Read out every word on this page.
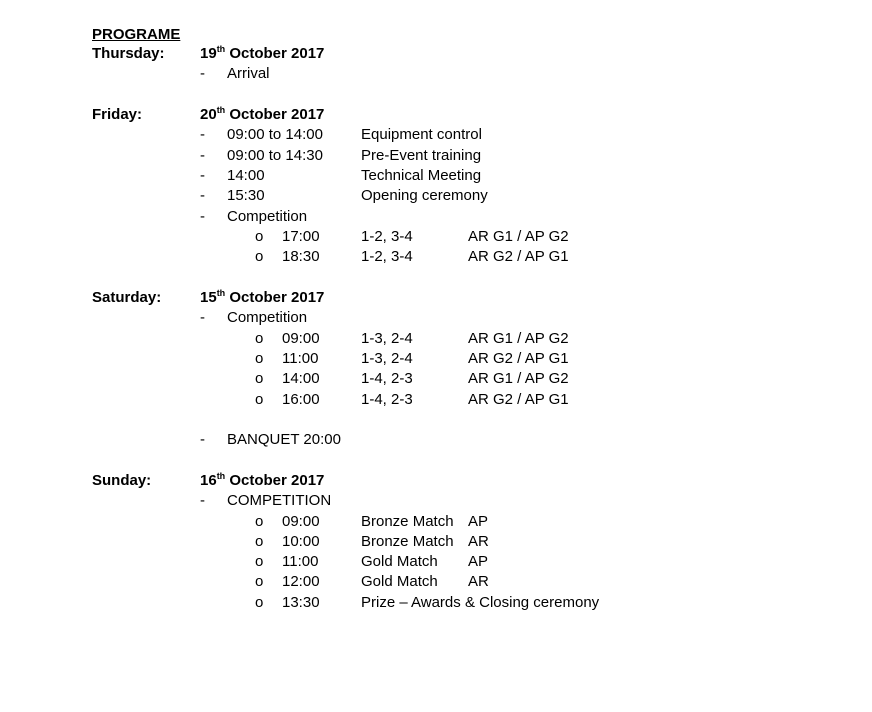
PROGRAME
Thursday: 19th October 2017
- Arrival
Friday:	20th October 2017
- 09:00 to 14:00	Equipment control
- 09:00 to 14:30	Pre-Event training
- 14:00	Technical Meeting
- 15:30	Opening ceremony
- Competition
o 17:00	1-2, 3-4	AR G1 / AP G2
o 18:30	1-2, 3-4	AR G2 / AP G1
Saturday:	15th October 2017
- Competition
o 09:00	1-3, 2-4	AR G1 / AP G2
o 11:00	1-3, 2-4	AR G2 / AP G1
o 14:00	1-4, 2-3	AR G1 / AP G2
o 16:00	1-4, 2-3	AR G2 / AP G1
- BANQUET 20:00
Sunday:	16th October 2017
- COMPETITION
o 09:00	Bronze Match AP
o 10:00	Bronze Match AR
o 11:00	Gold Match AP
o 12:00	Gold Match AR
o 13:30	Prize – Awards & Closing ceremony
